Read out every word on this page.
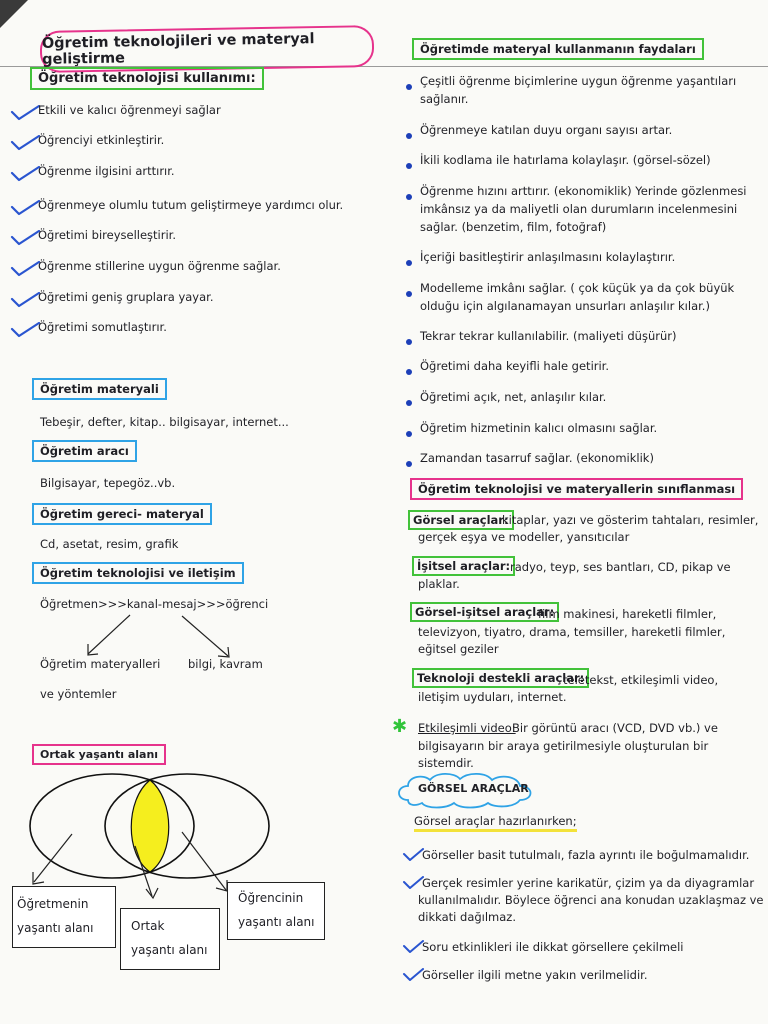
Öğretim teknolojileri ve materyal geliştirme
Öğretim teknolojisi kullanımı:
Etkili ve kalıcı öğrenmeyi sağlar
Öğrenciyi etkinleştirir.
Öğrenme ilgisini arttırır.
Öğrenmeye olumlu tutum geliştirmeye yardımcı olur.
Öğretimi bireyselleştirir.
Öğrenme stillerine uygun öğrenme sağlar.
Öğretimi geniş gruplara yayar.
Öğretimi somutlaştırır.
Öğretim materyali
Tebeşir, defter, kitap.. bilgisayar, internet...
Öğretim aracı
Bilgisayar, tepegöz..vb.
Öğretim gereci- materyal
Cd, asetat, resim, grafik
Öğretim teknolojisi ve iletişim
Öğretmen>>>kanal-mesaj>>>öğrenci
Öğretim materyalleri
ve yöntemler
bilgi, kavram
Ortak yaşantı alanı
Öğretmenin
yaşantı alanı	Ortak
yaşantı alanı
Öğrencinin
yaşantı alanı
Öğretimde materyal kullanmanın faydaları
Çeşitli öğrenme biçimlerine uygun öğrenme yaşantıları
sağlanır.
Öğrenmeye katılan duyu organı sayısı artar.
İkili kodlama ile hatırlama kolaylaşır. (görsel-sözel)
Öğrenme hızını arttırır. (ekonomiklik) Yerinde gözlenmesi
imkânsız ya da maliyetli olan durumların incelenmesini
sağlar. (benzetim, film, fotoğraf)
İçeriği basitleştirir anlaşılmasını kolaylaştırır.
Modelleme imkânı sağlar. ( çok küçük ya da çok büyük
olduğu için algılanamayan unsurları anlaşılır kılar.)
Tekrar tekrar kullanılabilir. (maliyeti düşürür)
Öğretimi daha keyifli hale getirir.
Öğretimi açık, net, anlaşılır kılar.
Öğretim hizmetinin kalıcı olmasını sağlar.
Zamandan tasarruf sağlar. (ekonomiklik)
Öğretim teknolojisi ve materyallerin sınıflanması
Görsel araçlar:
kitaplar, yazı ve gösterim tahtaları, resimler,
gerçek eşya ve modeller, yansıtıcılar
İşitsel araçlar: radyo, teyp, ses bantları, CD, pikap ve
plaklar.
Görsel-işitsel araçlar:
film makinesi, hareketli filmler,
televizyon, tiyatro, drama, temsiller, hareketli filmler,
eğitsel geziler
Teknoloji destekli araçlar:
teletekst, etkileşimli video,
iletişim uyduları, internet.
✱ Etkileşimli video:
Bir görüntü aracı (VCD, DVD vb.) ve
bilgisayarın bir araya getirilmesiyle oluşturulan bir
sistemdir.
GÖRSEL ARAÇLAR
Görsel araçlar hazırlanırken;
Görseller basit tutulmalı, fazla ayrıntı ile boğulmamalıdır.
Gerçek resimler yerine karikatür, çizim ya da diyagramlar
kullanılmalıdır. Böylece öğrenci ana konudan uzaklaşmaz ve
dikkati dağılmaz.
Soru etkinlikleri ile dikkat görsellere çekilmeli
Görseller ilgili metne yakın verilmelidir.
